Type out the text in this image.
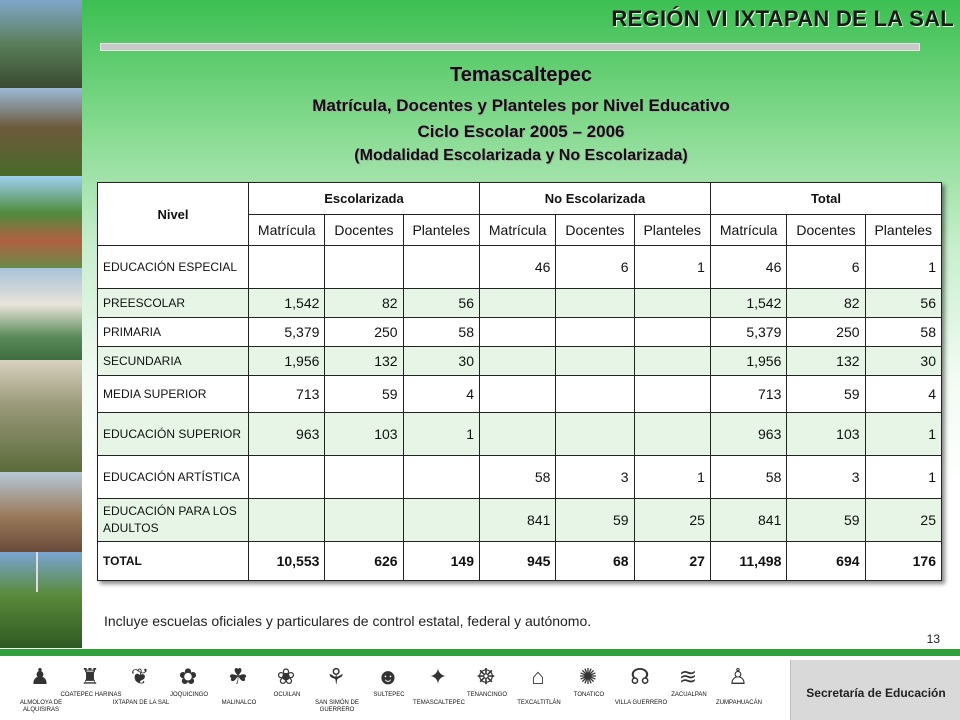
REGIÓN VI IXTAPAN DE LA SAL
Temascaltepec
Matrícula, Docentes y Planteles por Nivel Educativo
Ciclo Escolar 2005 – 2006
(Modalidad Escolarizada y No Escolarizada)
Nivel	Escolarizada			No Escolarizada			Total		
	Matrícula	Docentes	Planteles	Matrícula	Docentes	Planteles	Matrícula	Docentes	Planteles
EDUCACIÓN ESPECIAL				46	6	1	46	6	1
PREESCOLAR	1,542	82	56				1,542	82	56
PRIMARIA	5,379	250	58				5,379	250	58
SECUNDARIA	1,956	132	30				1,956	132	30
MEDIA SUPERIOR	713	59	4				713	59	4
EDUCACIÓN SUPERIOR	963	103	1				963	103	1
EDUCACIÓN ARTÍSTICA				58	3	1	58	3	1
EDUCACIÓN PARA LOS ADULTOS				841	59	25	841	59	25
TOTAL	10,553	626	149	945	68	27	11,498	694	176
Incluye escuelas oficiales y particulares de control estatal, federal y autónomo.
13
♟
ALMOLOYA DE ALQUISIRAS
♜
COATEPEC HARINAS
❦
IXTAPAN DE LA SAL
✿
JOQUICINGO
☘
MALINALCO
❀
OCUILAN
⚘
SAN SIMÓN DE GUERRERO
☻
SULTEPEC
✦
TEMASCALTEPEC
☸
TENANCINGO
⌂
TEXCALTITLÁN
✺
TONATICO
☊
VILLA GUERRERO
≋
ZACUALPAN
♙
ZUMPAHUACÁN
Secretaría de Educación
